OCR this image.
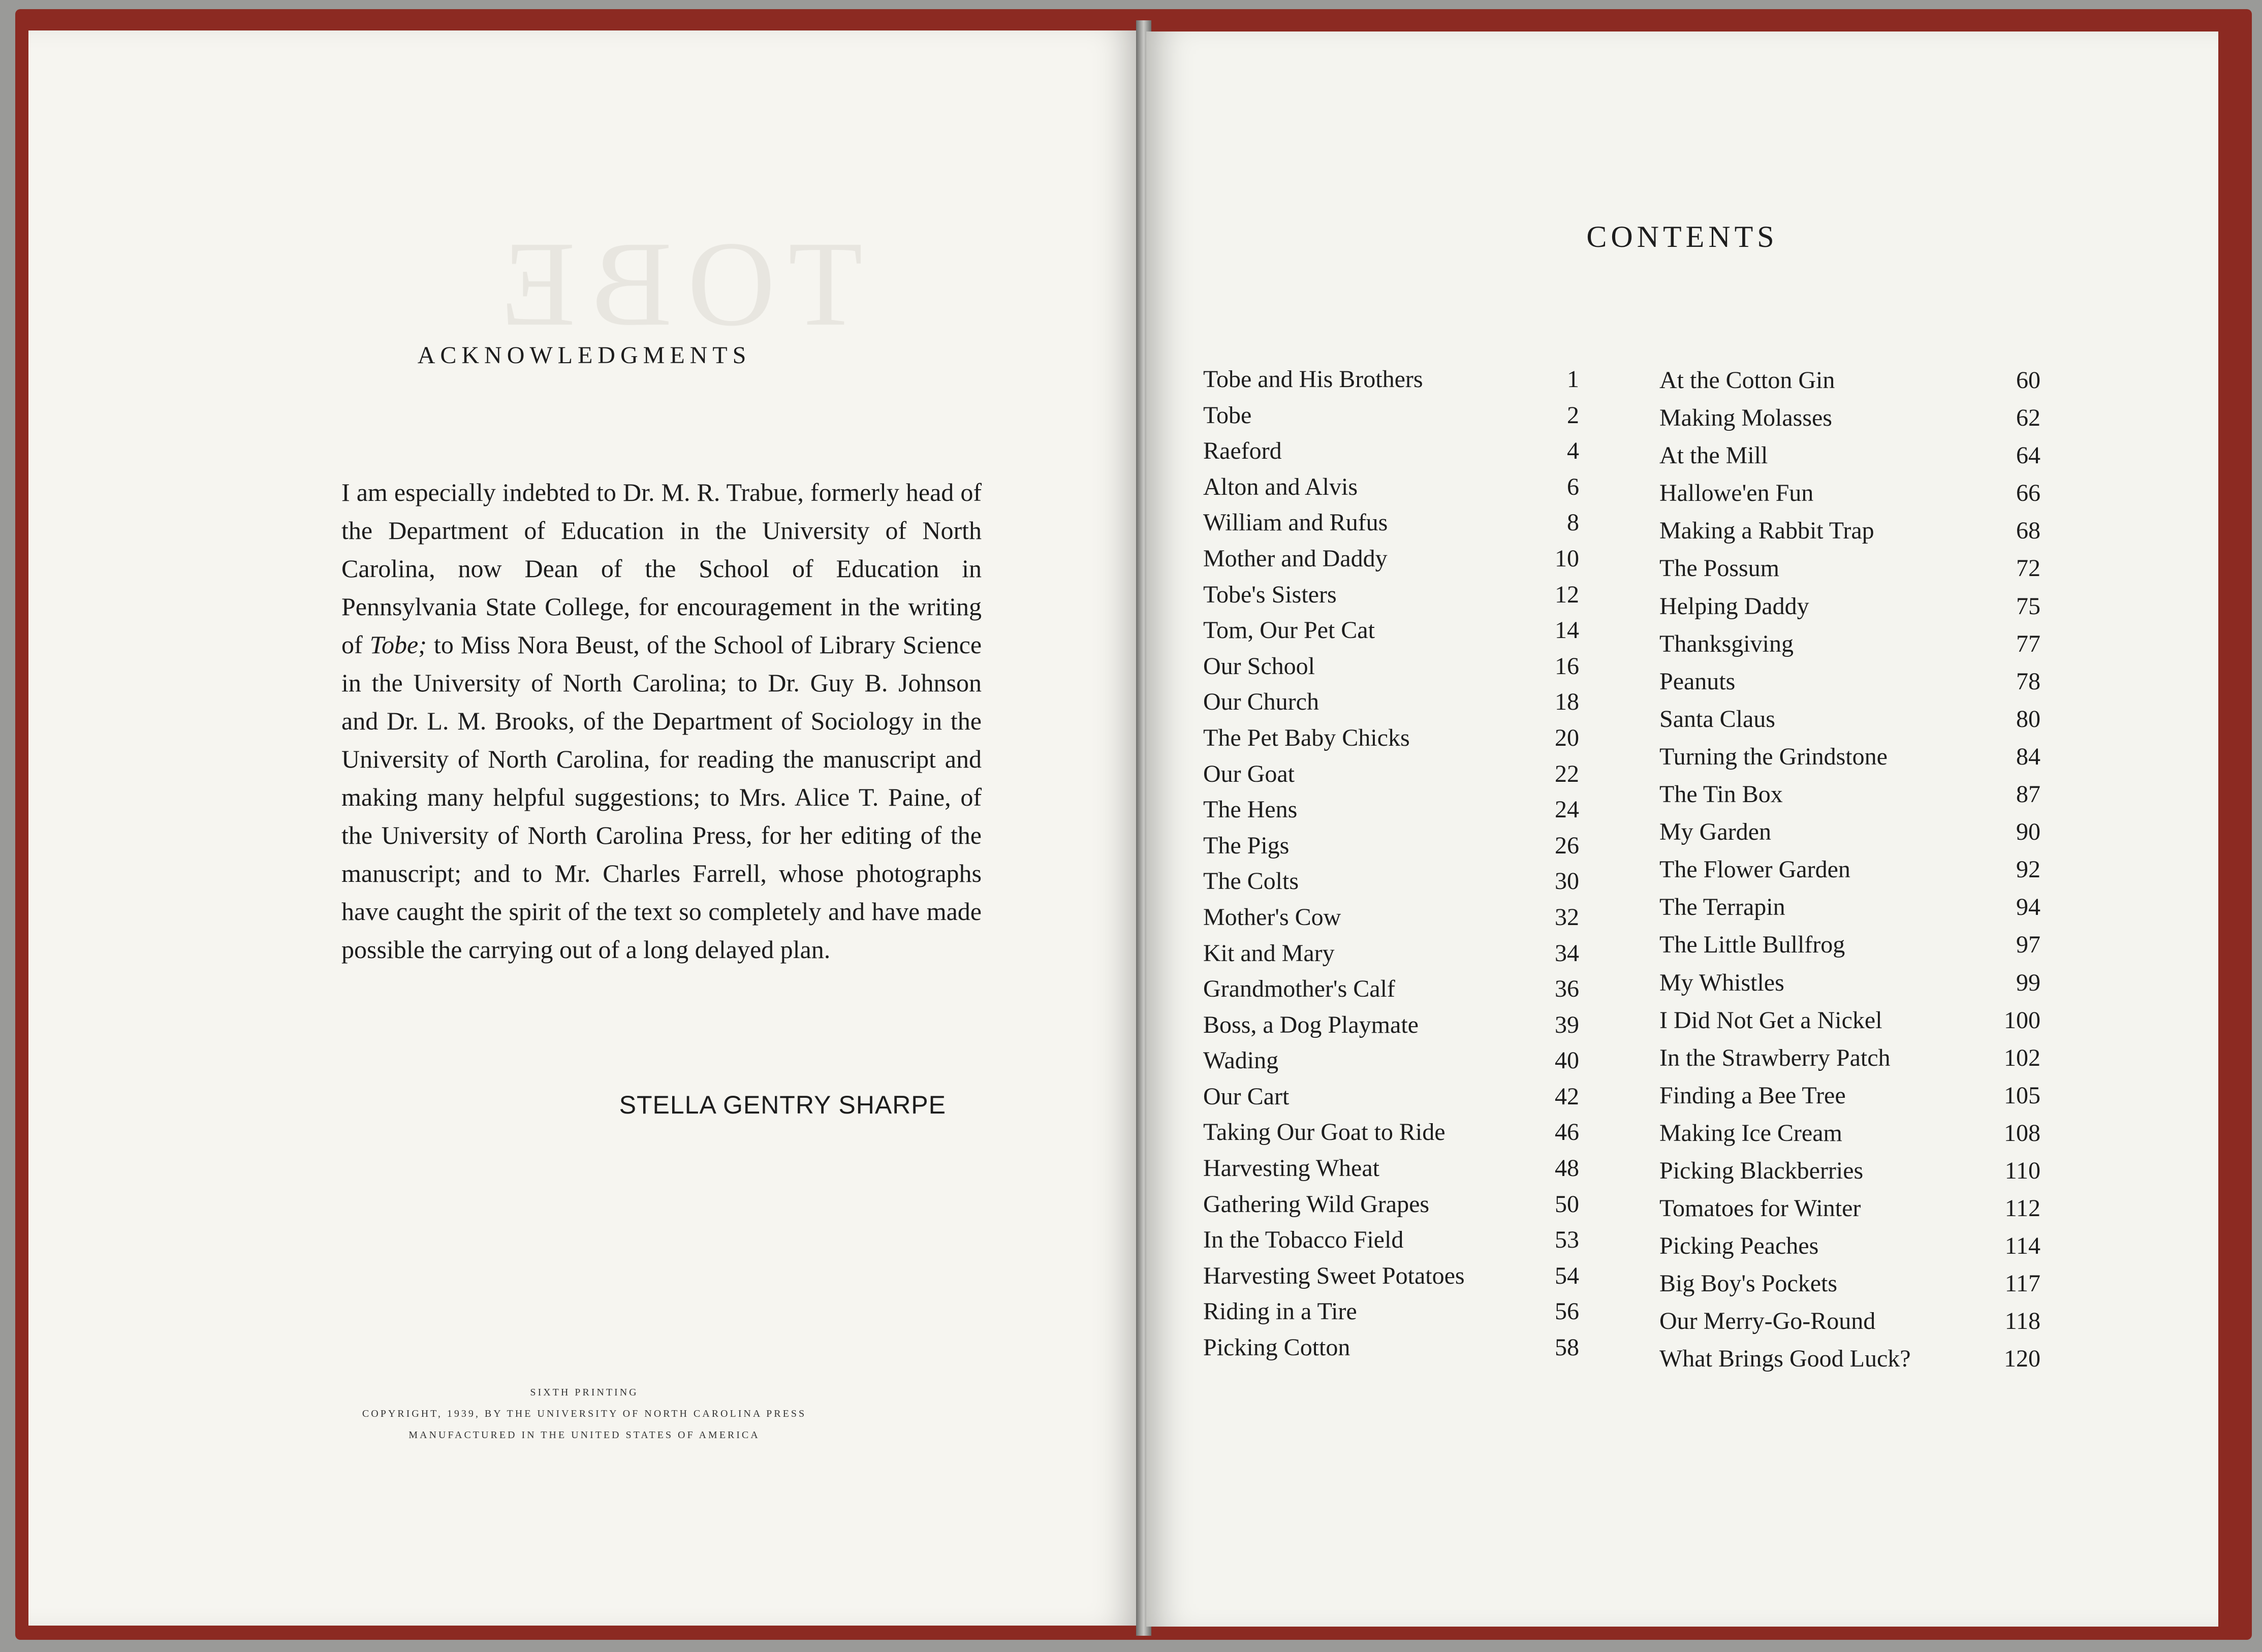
TOBE
ACKNOWLEDGMENTS
I am especially indebted to Dr. M. R. Trabue, formerly head of the Department of Education in the University of North Carolina, now Dean of the School of Education in Pennsylvania State College, for encouragement in the writing of Tobe; to Miss Nora Beust, of the School of Library Science in the University of North Carolina; to Dr. Guy B. Johnson and Dr. L. M. Brooks, of the Department of Sociology in the University of North Carolina, for reading the manuscript and making many helpful suggestions; to Mrs. Alice T. Paine, of the University of North Carolina Press, for her editing of the manuscript; and to Mr. Charles Farrell, whose photographs have caught the spirit of the text so completely and have made possible the carrying out of a long delayed plan.
STELLA GENTRY SHARPE
SIXTH PRINTING
COPYRIGHT, 1939, BY THE UNIVERSITY OF NORTH CAROLINA PRESS
MANUFACTURED IN THE UNITED STATES OF AMERICA
CONTENTS
Tobe and His Brothers	1
Tobe	2
Raeford	4
Alton and Alvis	6
William and Rufus	8
Mother and Daddy	10
Tobe's Sisters	12
Tom, Our Pet Cat	14
Our School	16
Our Church	18
The Pet Baby Chicks	20
Our Goat	22
The Hens	24
The Pigs	26
The Colts	30
Mother's Cow	32
Kit and Mary	34
Grandmother's Calf	36
Boss, a Dog Playmate	39
Wading	40
Our Cart	42
Taking Our Goat to Ride	46
Harvesting Wheat	48
Gathering Wild Grapes	50
In the Tobacco Field	53
Harvesting Sweet Potatoes	54
Riding in a Tire	56
Picking Cotton	58
At the Cotton Gin	60
Making Molasses	62
At the Mill	64
Hallowe'en Fun	66
Making a Rabbit Trap	68
The Possum	72
Helping Daddy	75
Thanksgiving	77
Peanuts	78
Santa Claus	80
Turning the Grindstone	84
The Tin Box	87
My Garden	90
The Flower Garden	92
The Terrapin	94
The Little Bullfrog	97
My Whistles	99
I Did Not Get a Nickel	100
In the Strawberry Patch	102
Finding a Bee Tree	105
Making Ice Cream	108
Picking Blackberries	110
Tomatoes for Winter	112
Picking Peaches	114
Big Boy's Pockets	117
Our Merry-Go-Round	118
What Brings Good Luck?	120
